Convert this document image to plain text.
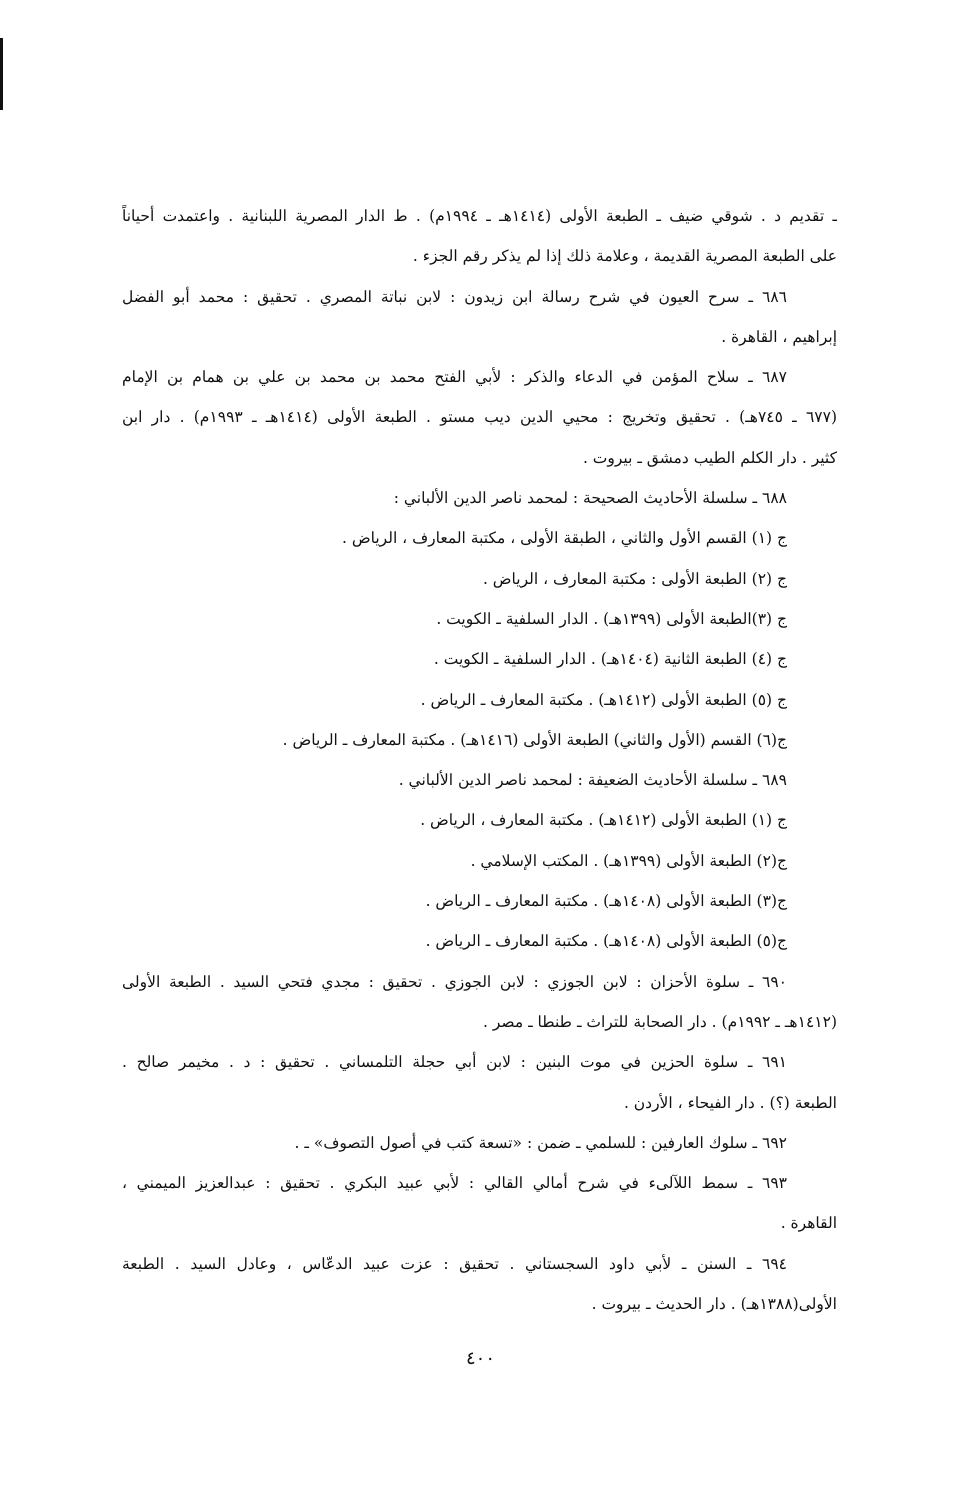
ـ تقديم د . شوقي ضيف ـ الطبعة الأولى (١٤١٤هـ ـ ١٩٩٤م) . ط الدار المصرية اللبنانية . واعتمدت أحياناً
على الطبعة المصرية القديمة ، وعلامة ذلك إذا لم يذكر رقم الجزء .
٦٨٦ ـ سرح العيون في شرح رسالة ابن زيدون : لابن نباتة المصري . تحقيق : محمد أبو الفضل
إبراهيم ، القاهرة .
٦٨٧ ـ سلاح المؤمن في الدعاء والذكر : لأبي الفتح محمد بن محمد بن علي بن همام بن الإمام
(٦٧٧ ـ ٧٤٥هـ) . تحقيق وتخريج : محيي الدين ديب مستو . الطبعة الأولى (١٤١٤هـ ـ ١٩٩٣م) . دار ابن
كثير . دار الكلم الطيب دمشق ـ بيروت .
٦٨٨ ـ سلسلة الأحاديث الصحيحة : لمحمد ناصر الدين الألباني :
ج (١) القسم الأول والثاني ، الطبقة الأولى ، مكتبة المعارف ، الرياض .
ج (٢) الطبعة الأولى : مكتبة المعارف ، الرياض .
ج (٣)الطبعة الأولى (١٣٩٩هـ) . الدار السلفية ـ الكويت .
ج (٤) الطبعة الثانية (١٤٠٤هـ) . الدار السلفية ـ الكويت .
ج (٥) الطبعة الأولى (١٤١٢هـ) . مكتبة المعارف ـ الرياض .
ج(٦) القسم (الأول والثاني) الطبعة الأولى (١٤١٦هـ) . مكتبة المعارف ـ الرياض .
٦٨٩ ـ سلسلة الأحاديث الضعيفة : لمحمد ناصر الدين الألباني .
ج (١) الطبعة الأولى (١٤١٢هـ) . مكتبة المعارف ، الرياض .
ج(٢) الطبعة الأولى (١٣٩٩هـ) . المكتب الإسلامي .
ج(٣) الطبعة الأولى (١٤٠٨هـ) . مكتبة المعارف ـ الرياض .
ج(٥) الطبعة الأولى (١٤٠٨هـ) . مكتبة المعارف ـ الرياض .
٦٩٠ ـ سلوة الأحزان : لابن الجوزي : لابن الجوزي . تحقيق : مجدي فتحي السيد . الطبعة الأولى
(١٤١٢هـ ـ ١٩٩٢م) . دار الصحابة للتراث ـ طنطا ـ مصر .
٦٩١ ـ سلوة الحزين في موت البنين : لابن أبي حجلة التلمساني . تحقيق : د . مخيمر صالح .
الطبعة (؟) . دار الفيحاء ، الأردن .
٦٩٢ ـ سلوك العارفين : للسلمي ـ ضمن : «تسعة كتب في أصول التصوف» ـ .
٦٩٣ ـ سمط اللآلىء في شرح أمالي القالي : لأبي عبيد البكري . تحقيق : عبدالعزيز الميمني ،
القاهرة .
٦٩٤ ـ السنن ـ لأبي داود السجستاني . تحقيق : عزت عبيد الدعّاس ، وعادل السيد . الطبعة
الأولى(١٣٨٨هـ) . دار الحديث ـ بيروت .
٤٠٠
